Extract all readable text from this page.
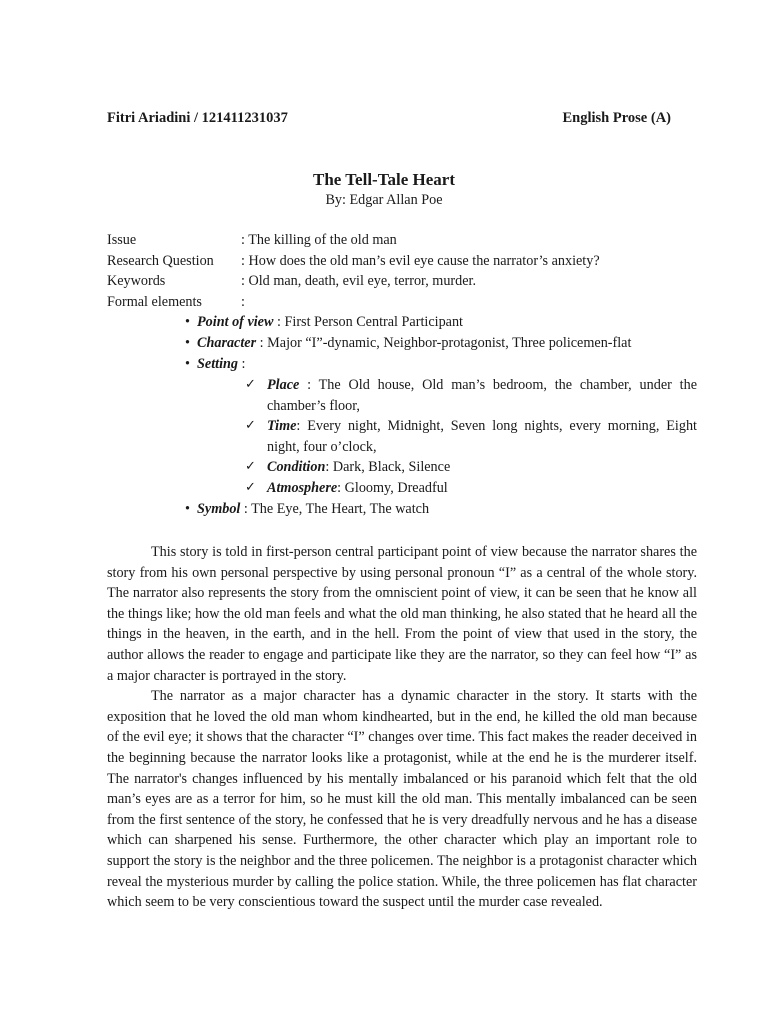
Fitri Ariadini / 121411231037	English Prose (A)
The Tell-Tale Heart
By: Edgar Allan Poe
Issue	: The killing of the old man
Research Question	: How does the old man’s evil eye cause the narrator’s anxiety?
Keywords	: Old man, death, evil eye, terror, murder.
Formal elements	:
• Point of view : First Person Central Participant
• Character : Major “I”-dynamic, Neighbor-protagonist, Three policemen-flat
• Setting :
✓ Place : The Old house, Old man’s bedroom, the chamber, under the chamber’s floor,
✓ Time: Every night, Midnight, Seven long nights, every morning, Eight night, four o’clock,
✓ Condition: Dark, Black, Silence
✓ Atmosphere: Gloomy, Dreadful
• Symbol : The Eye, The Heart, The watch

This story is told in first-person central participant point of view because the narrator shares the story from his own personal perspective by using personal pronoun “I” as a central of the whole story. The narrator also represents the story from the omniscient point of view, it can be seen that he know all the things like; how the old man feels and what the old man thinking, he also stated that he heard all the things in the heaven, in the earth, and in the hell. From the point of view that used in the story, the author allows the reader to engage and participate like they are the narrator, so they can feel how “I” as a major character is portrayed in the story.

The narrator as a major character has a dynamic character in the story. It starts with the exposition that he loved the old man whom kindhearted, but in the end, he killed the old man because of the evil eye; it shows that the character “I” changes over time. This fact makes the reader deceived in the beginning because the narrator looks like a protagonist, while at the end he is the murderer itself. The narrator's changes influenced by his mentally imbalanced or his paranoid which felt that the old man’s eyes are as a terror for him, so he must kill the old man. This mentally imbalanced can be seen from the first sentence of the story, he confessed that he is very dreadfully nervous and he has a disease which can sharpened his sense. Furthermore, the other character which play an important role to support the story is the neighbor and the three policemen. The neighbor is a protagonist character which reveal the mysterious murder by calling the police station. While, the three policemen has flat character which seem to be very conscientious toward the suspect until the murder case revealed.
